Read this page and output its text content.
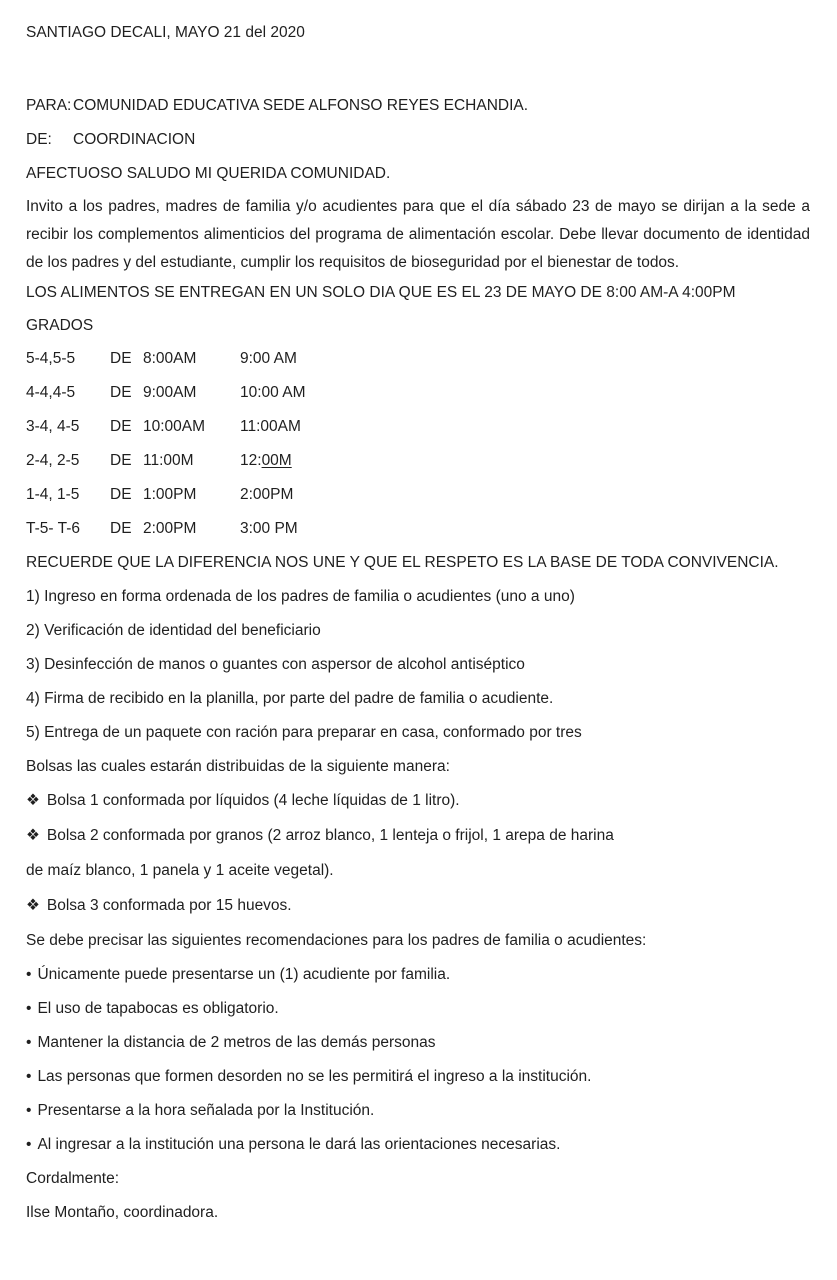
SANTIAGO DECALI, MAYO 21 del 2020
PARA: COMUNIDAD EDUCATIVA SEDE ALFONSO REYES ECHANDIA.
DE: COORDINACION
AFECTUOSO SALUDO MI QUERIDA COMUNIDAD.
Invito a los padres, madres de familia y/o acudientes para que el día sábado 23 de mayo se dirijan a la sede a recibir los complementos alimenticios del programa de alimentación escolar. Debe llevar documento de identidad de los padres y del estudiante, cumplir los requisitos de bioseguridad por el bienestar de todos.
LOS ALIMENTOS SE ENTREGAN EN UN SOLO DIA QUE ES EL 23 DE MAYO DE 8:00 AM-A 4:00PM
GRADOS
5-4,5-5	DE 8:00AM	9:00 AM
4-4,4-5	DE 9:00AM	10:00 AM
3-4, 4-5	DE 10:00AM	11:00AM
2-4, 2-5	DE 11:00M	12:00M
1-4, 1-5	DE 1:00PM	2:00PM
T-5- T-6	DE 2:00PM	3:00 PM
RECUERDE QUE LA DIFERENCIA NOS UNE Y QUE EL RESPETO ES LA BASE DE TODA CONVIVENCIA.
1) Ingreso en forma ordenada de los padres de familia o acudientes (uno a uno)
2) Verificación de identidad del beneficiario
3) Desinfección de manos o guantes con aspersor de alcohol antiséptico
4) Firma de recibido en la planilla, por parte del padre de familia o acudiente.
5) Entrega de un paquete con ración para preparar en casa, conformado por tres
Bolsas las cuales estarán distribuidas de la siguiente manera:
❖ Bolsa 1 conformada por líquidos (4 leche líquidas de 1 litro).
❖ Bolsa 2 conformada por granos (2 arroz blanco, 1 lenteja o frijol, 1 arepa de harina
de maíz blanco, 1 panela y 1 aceite vegetal).
❖ Bolsa 3 conformada por 15 huevos.
Se debe precisar las siguientes recomendaciones para los padres de familia o acudientes:
• Únicamente puede presentarse un (1) acudiente por familia.
• El uso de tapabocas es obligatorio.
• Mantener la distancia de 2 metros de las demás personas
• Las personas que formen desorden no se les permitirá el ingreso a la institución.
• Presentarse a la hora señalada por la Institución.
• Al ingresar a la institución una persona le dará las orientaciones necesarias.
Cordalmente:
Ilse Montaño, coordinadora.
